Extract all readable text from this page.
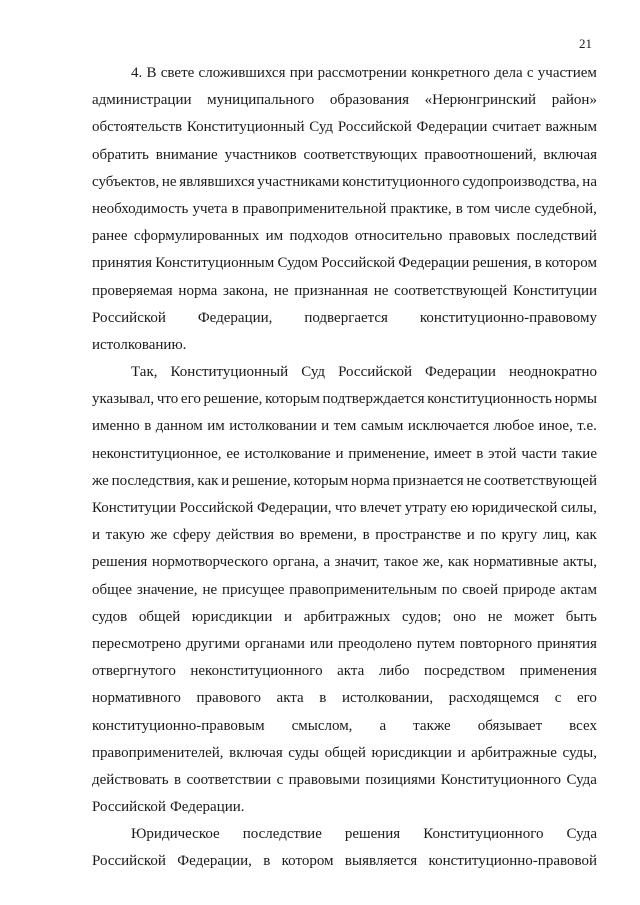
21
4. В свете сложившихся при рассмотрении конкретного дела с участием
администрации муниципального образования «Нерюнгринский район»
обстоятельств Конституционный Суд Российской Федерации считает важным
обратить внимание участников соответствующих правоотношений, включая
субъектов, не являвшихся участниками конституционного судопроизводства, на
необходимость учета в правоприменительной практике, в том числе судебной,
ранее сформулированных им подходов относительно правовых последствий
принятия Конституционным Судом Российской Федерации решения, в котором
проверяемая норма закона, не признанная не соответствующей Конституции
Российской Федерации, подвергается конституционно-правовому
истолкованию.
Так, Конституционный Суд Российской Федерации неоднократно
указывал, что его решение, которым подтверждается конституционность нормы
именно в данном им истолковании и тем самым исключается любое иное, т.е.
неконституционное, ее истолкование и применение, имеет в этой части такие
же последствия, как и решение, которым норма признается не соответствующей
Конституции Российской Федерации, что влечет утрату ею юридической силы,
и такую же сферу действия во времени, в пространстве и по кругу лиц, как
решения нормотворческого органа, а значит, такое же, как нормативные акты,
общее значение, не присущее правоприменительным по своей природе актам
судов общей юрисдикции и арбитражных судов; оно не может быть
пересмотрено другими органами или преодолено путем повторного принятия
отвергнутого неконституционного акта либо посредством применения
нормативного правового акта в истолковании, расходящемся с его
конституционно-правовым смыслом, а также обязывает всех
правоприменителей, включая суды общей юрисдикции и арбитражные суды,
действовать в соответствии с правовыми позициями Конституционного Суда
Российской Федерации.
Юридическое последствие решения Конституционного Суда
Российской Федерации, в котором выявляется конституционно-правовой
